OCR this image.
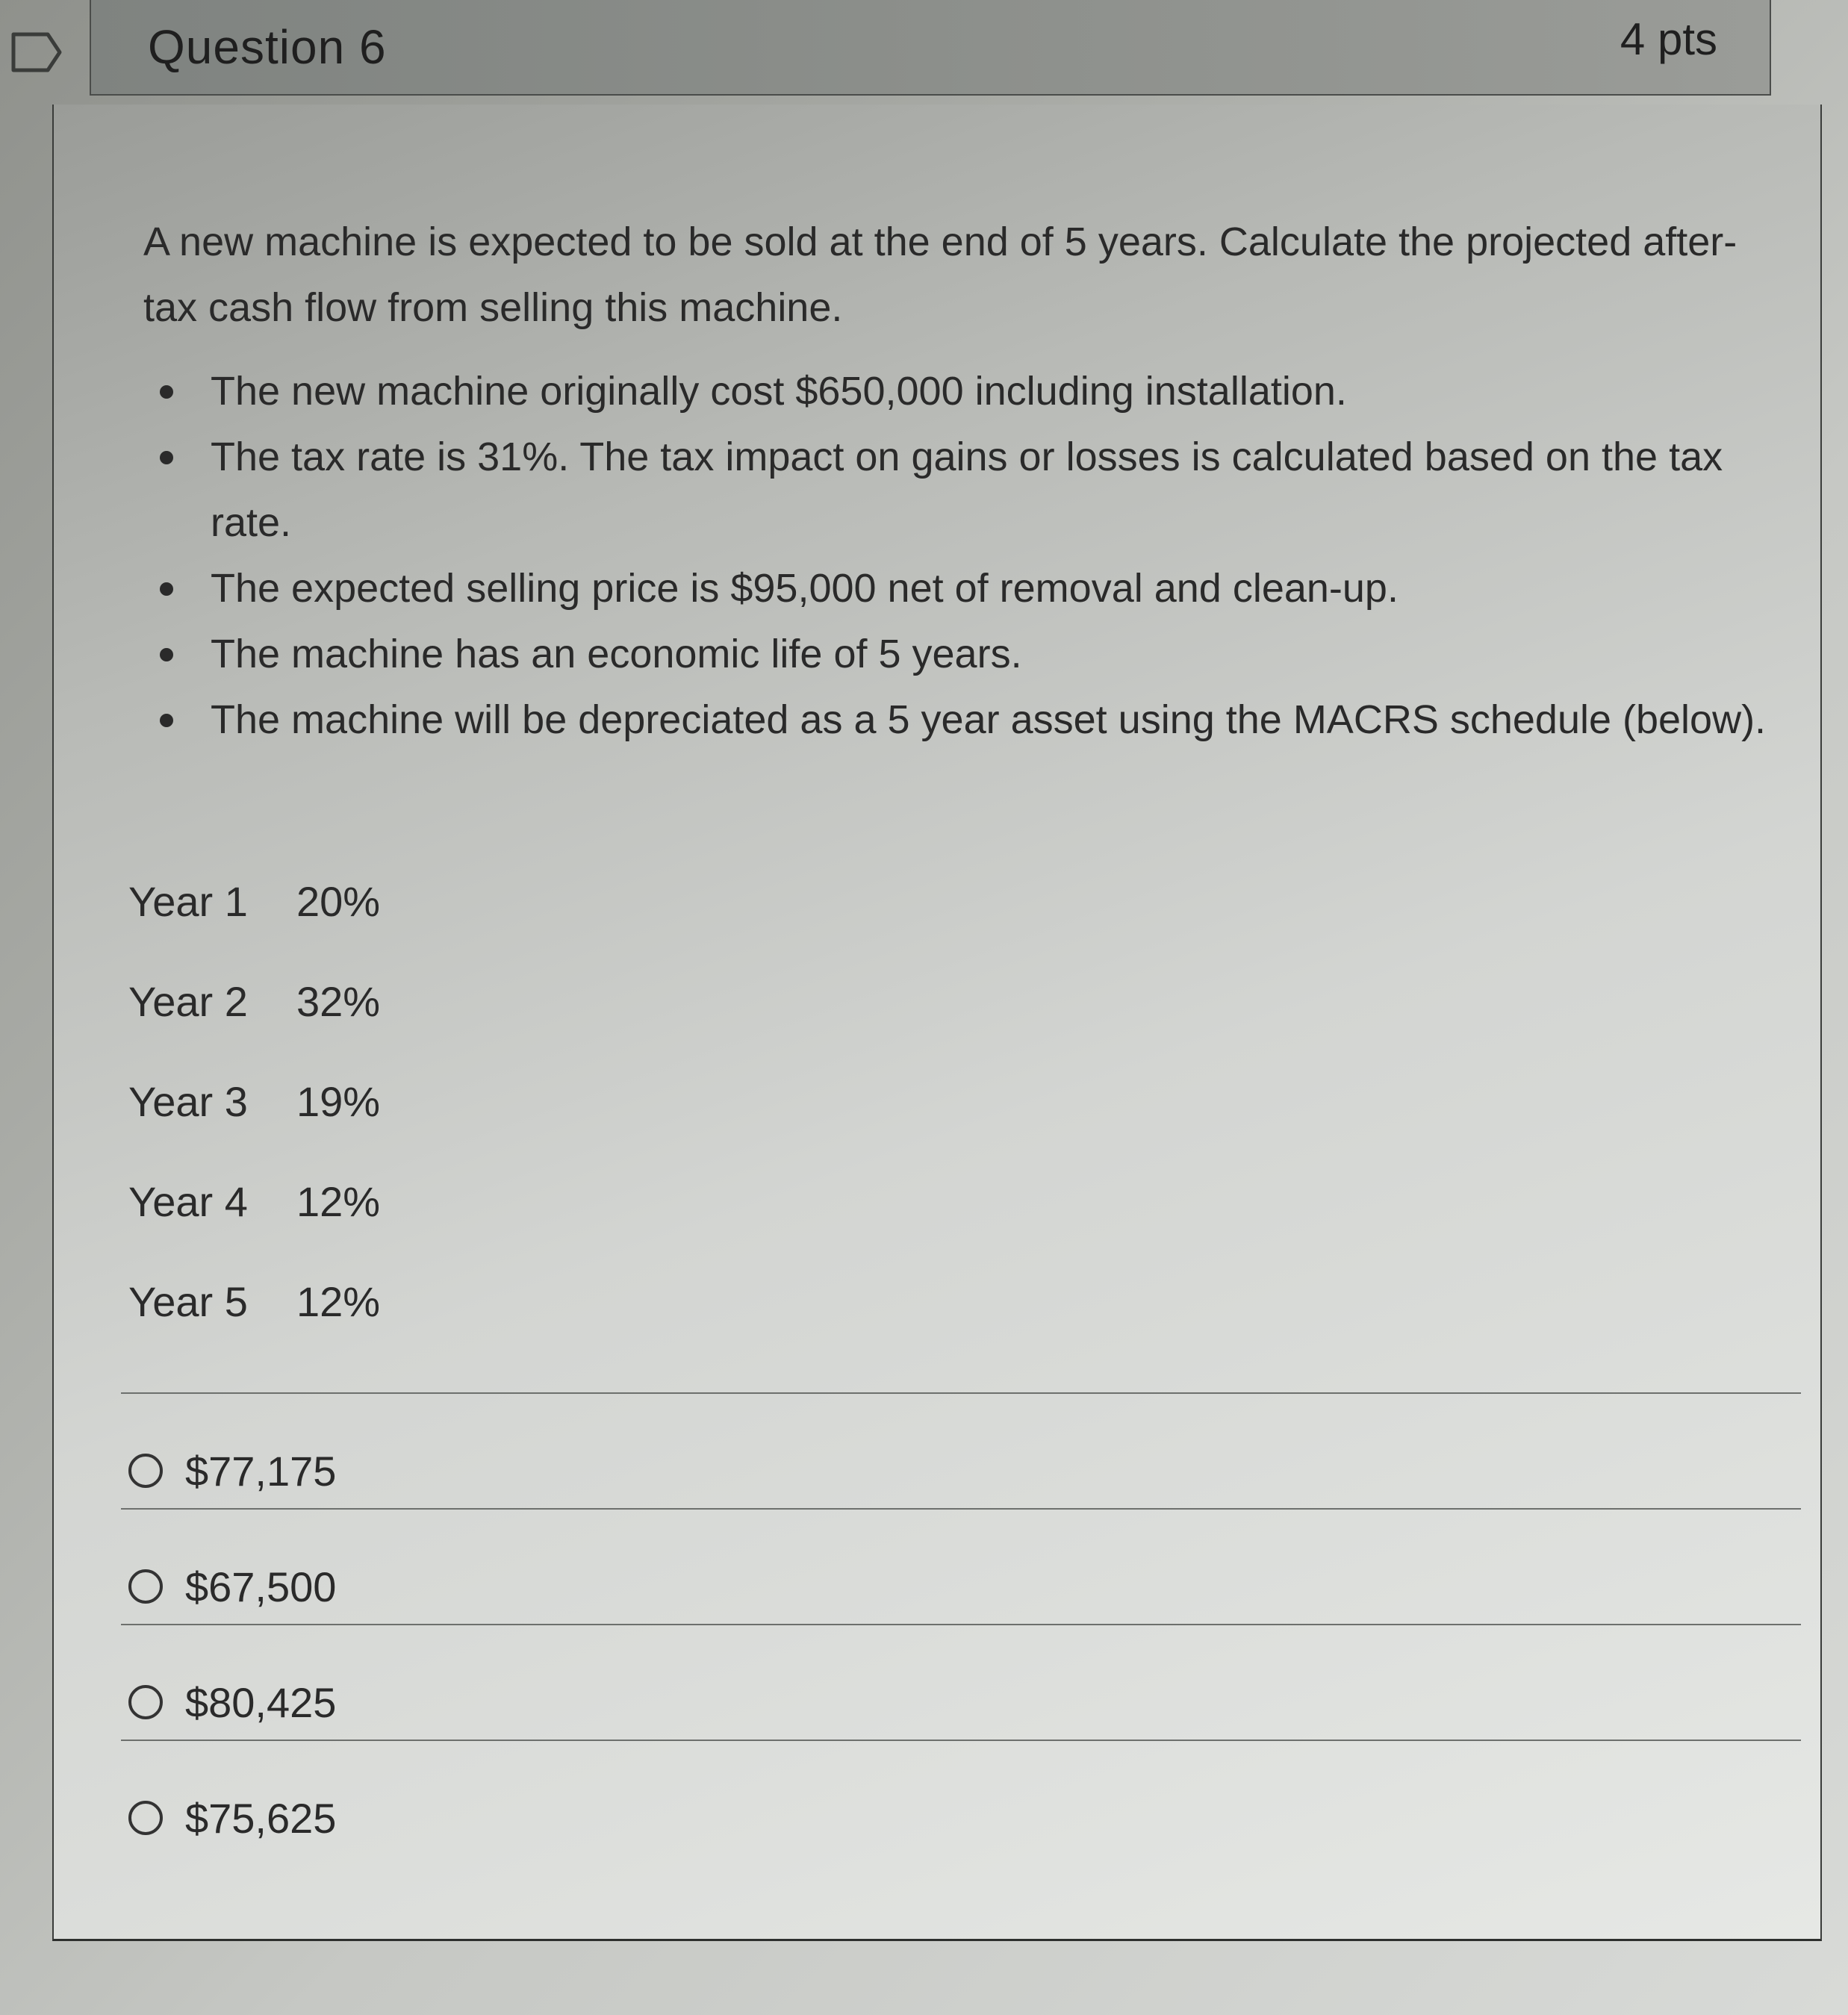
Question 6	4 pts

A new machine is expected to be sold at the end of 5 years. Calculate the projected after-tax cash flow from selling this machine.

The new machine originally cost $650,000 including installation.
The tax rate is 31%. The tax impact on gains or losses is calculated based on the tax rate.
The expected selling price is $95,000 net of removal and clean-up.
The machine has an economic life of 5 years.
The machine will be depreciated as a 5 year asset using the MACRS schedule (below).
Year 1	20%
Year 2	32%
Year 3	19%
Year 4	12%
Year 5	12%
$77,175
$67,500
$80,425
$75,625
